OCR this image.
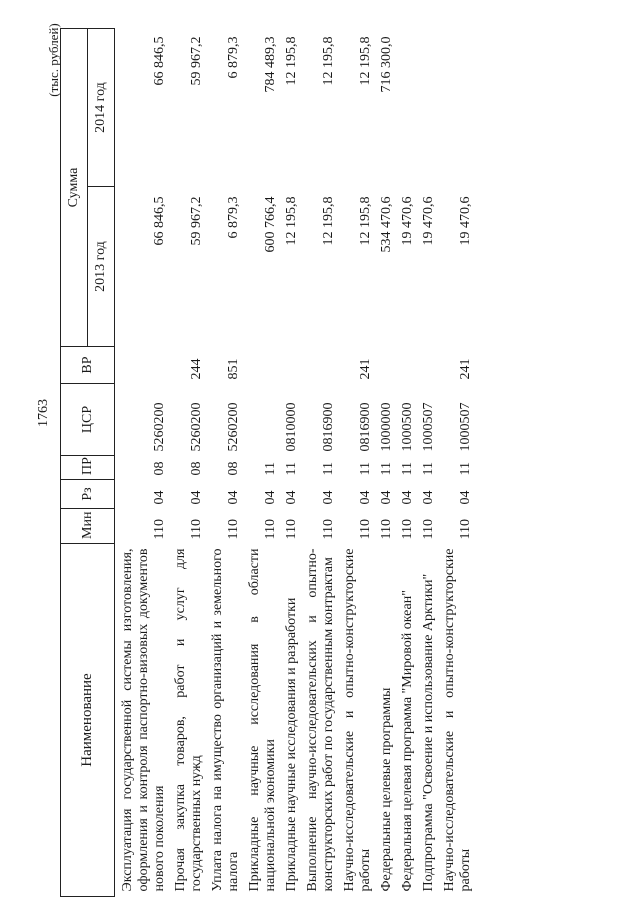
1763
(тыс. рублей)
Наименование	Мин	Рз	ПР	ЦСР	ВР	Сумма	
						2013 год	2014 год
Эксплуатация государственной системы изготовления, оформления и контроля паспортно-визовых документов нового поколения	110	04	08	5260200		66 846,5	66 846,5
Прочая закупка товаров, работ и услуг для государственных нужд	110	04	08	5260200	244	59 967,2	59 967,2
Уплата налога на имущество организаций и земельного налога	110	04	08	5260200	851	6 879,3	6 879,3
Прикладные научные исследования в области национальной экономики	110	04	11			600 766,4	784 489,3
Прикладные научные исследования и разработки	110	04	11	0810000		12 195,8	12 195,8
Выполнение научно-исследовательских и опытно-конструкторских работ по государственным контрактам	110	04	11	0816900		12 195,8	12 195,8
Научно-исследовательские и опытно-конструкторские работы	110	04	11	0816900	241	12 195,8	12 195,8
Федеральные целевые программы	110	04	11	1000000		534 470,6	716 300,0
Федеральная целевая программа "Мировой океан"	110	04	11	1000500		19 470,6	
Подпрограмма "Освоение и использование Арктики"	110	04	11	1000507		19 470,6	
Научно-исследовательские и опытно-конструкторские работы	110	04	11	1000507	241	19 470,6	
